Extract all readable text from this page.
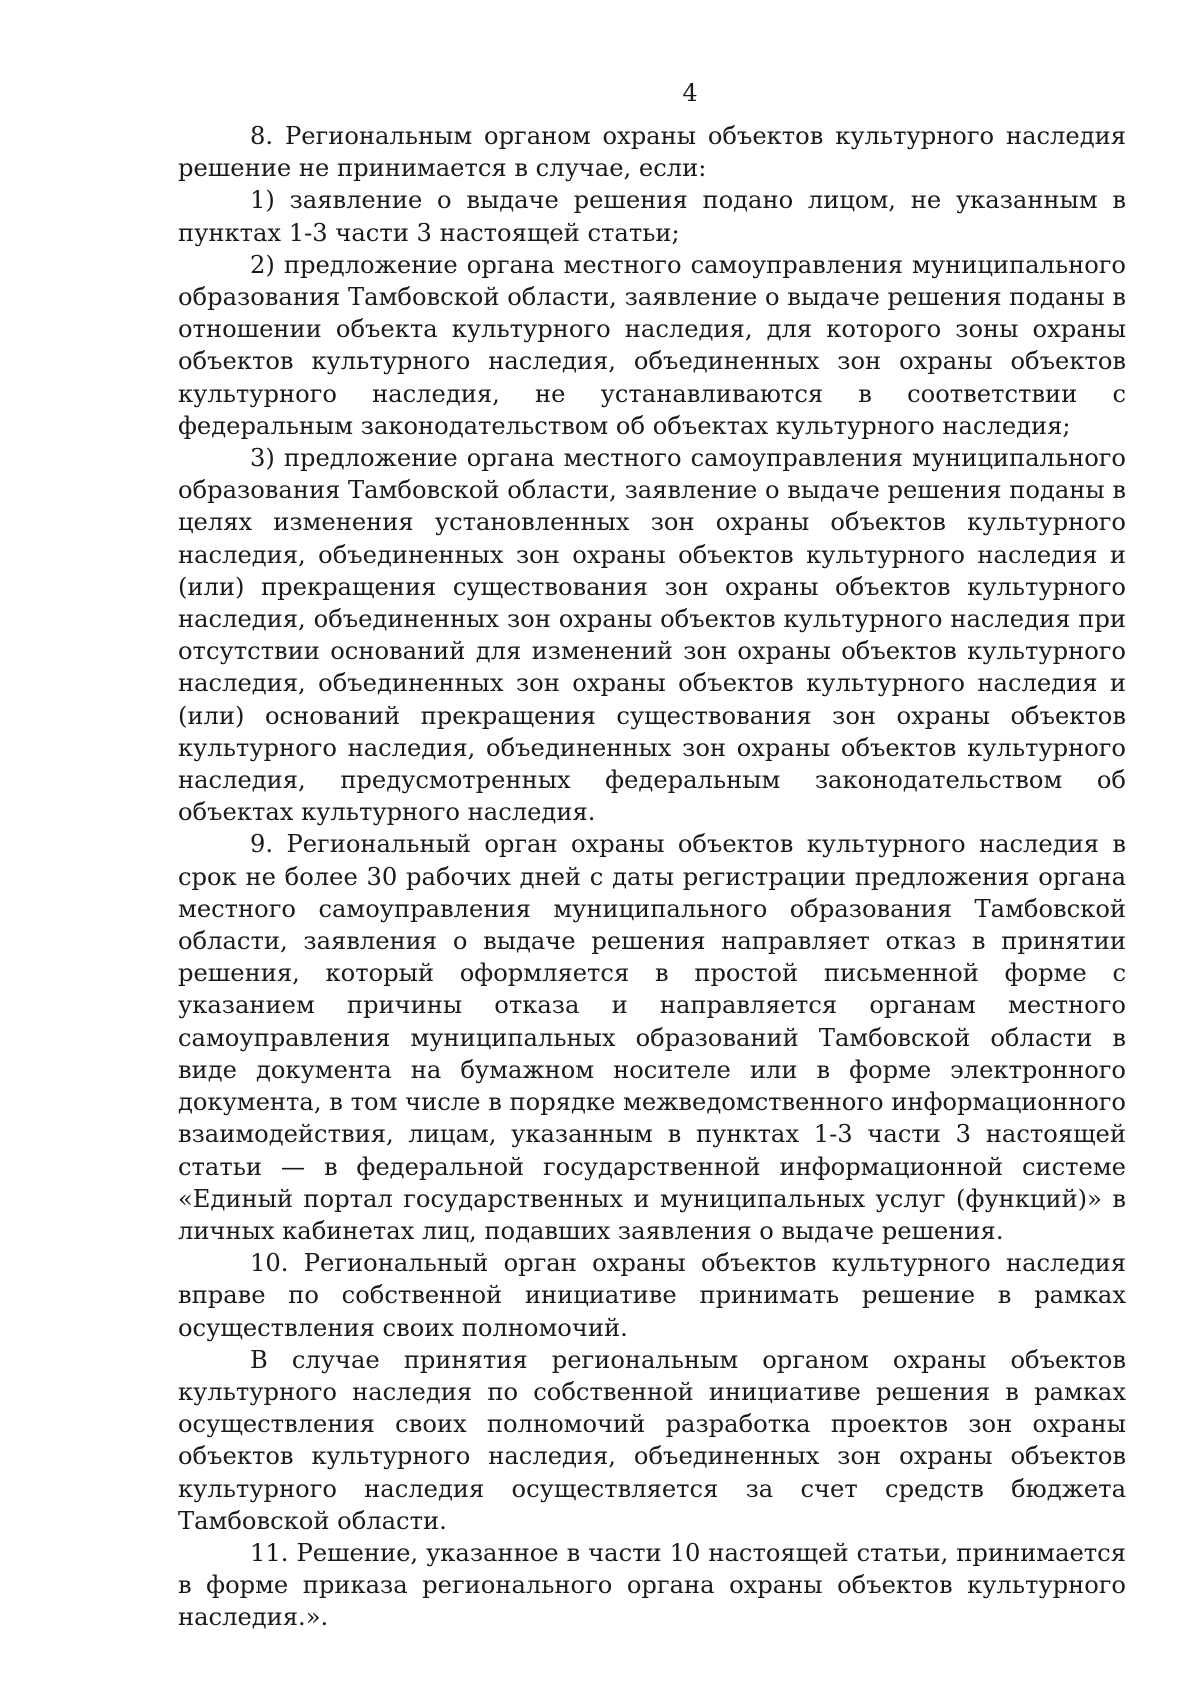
4

8. Региональным органом охраны объектов культурного наследия решение не принимается в случае, если:

1) заявление о выдаче решения подано лицом, не указанным в пунктах 1-3 части 3 настоящей статьи;

2) предложение органа местного самоуправления муниципального образования Тамбовской области, заявление о выдаче решения поданы в отношении объекта культурного наследия, для которого зоны охраны объектов культурного наследия, объединенных зон охраны объектов культурного наследия, не устанавливаются в соответствии с федеральным законодательством об объектах культурного наследия;

3) предложение органа местного самоуправления муниципального образования Тамбовской области, заявление о выдаче решения поданы в целях изменения установленных зон охраны объектов культурного наследия, объединенных зон охраны объектов культурного наследия и (или) прекращения существования зон охраны объектов культурного наследия, объединенных зон охраны объектов культурного наследия при отсутствии оснований для изменений зон охраны объектов культурного наследия, объединенных зон охраны объектов культурного наследия и (или) оснований прекращения существования зон охраны объектов культурного наследия, объединенных зон охраны объектов культурного наследия, предусмотренных федеральным законодательством об объектах культурного наследия.

9. Региональный орган охраны объектов культурного наследия в срок не более 30 рабочих дней с даты регистрации предложения органа местного самоуправления муниципального образования Тамбовской области, заявления о выдаче решения направляет отказ в принятии решения, который оформляется в простой письменной форме с указанием причины отказа и направляется органам местного самоуправления муниципальных образований Тамбовской области в виде документа на бумажном носителе или в форме электронного документа, в том числе в порядке межведомственного информационного взаимодействия, лицам, указанным в пунктах 1-3 части 3 настоящей статьи — в федеральной государственной информационной системе «Единый портал государственных и муниципальных услуг (функций)» в личных кабинетах лиц, подавших заявления о выдаче решения.

10. Региональный орган охраны объектов культурного наследия вправе по собственной инициативе принимать решение в рамках осуществления своих полномочий.

В случае принятия региональным органом охраны объектов культурного наследия по собственной инициативе решения в рамках осуществления своих полномочий разработка проектов зон охраны объектов культурного наследия, объединенных зон охраны объектов культурного наследия осуществляется за счет средств бюджета Тамбовской области.

11. Решение, указанное в части 10 настоящей статьи, принимается в форме приказа регионального органа охраны объектов культурного наследия.».
